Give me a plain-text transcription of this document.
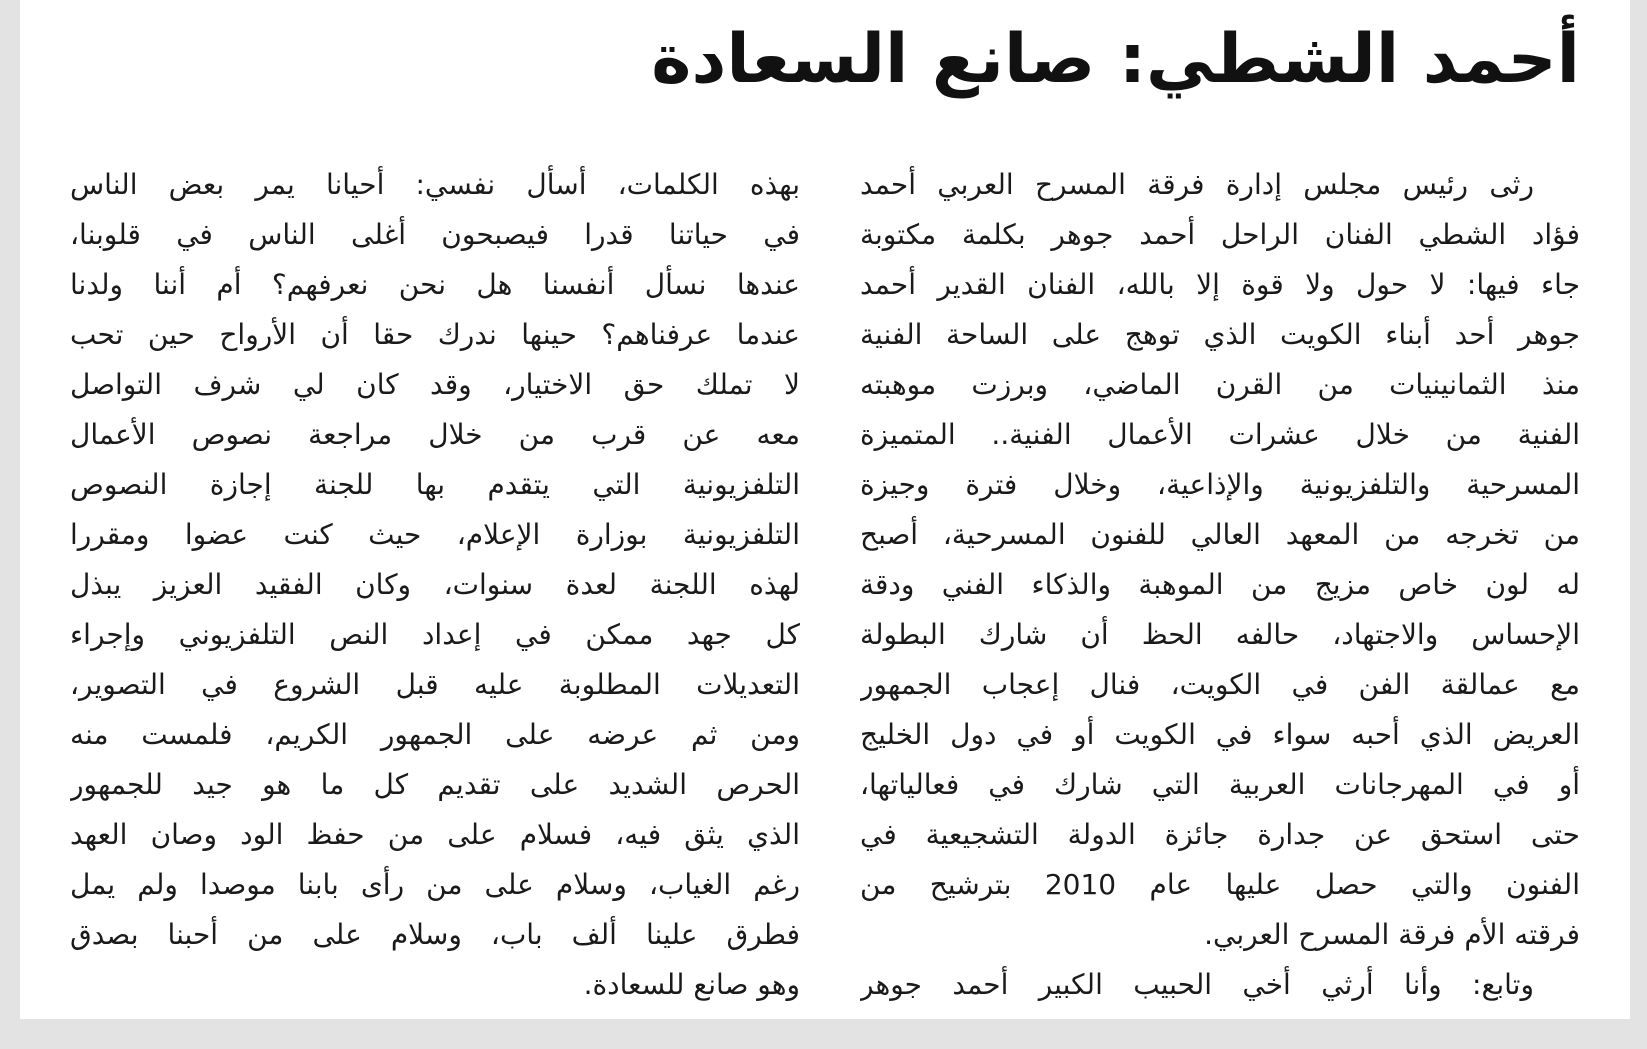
أحمد الشطي: صانع السعادة
رثى رئيس مجلس إدارة فرقة المسرح العربي أحمد
فؤاد الشطي الفنان الراحل أحمد جوهر بكلمة مكتوبة
جاء فيها: لا حول ولا قوة إلا بالله، الفنان القدير أحمد
جوهر أحد أبناء الكويت الذي توهج على الساحة الفنية
منذ الثمانينيات من القرن الماضي، وبرزت موهبته
الفنية من خلال عشرات الأعمال الفنية.. المتميزة
المسرحية والتلفزيونية والإذاعية، وخلال فترة وجيزة
من تخرجه من المعهد العالي للفنون المسرحية، أصبح
له لون خاص مزيج من الموهبة والذكاء الفني ودقة
الإحساس والاجتهاد، حالفه الحظ أن شارك البطولة
مع عمالقة الفن في الكويت، فنال إعجاب الجمهور
العريض الذي أحبه سواء في الكويت أو في دول الخليج
أو في المهرجانات العربية التي شارك في فعالياتها،
حتى استحق عن جدارة جائزة الدولة التشجيعية في
الفنون والتي حصل عليها عام 2010 بترشيح من
فرقته الأم فرقة المسرح العربي.
وتابع: وأنا أرثي أخي الحبيب الكبير أحمد جوهر
بهذه الكلمات، أسأل نفسي: أحيانا يمر بعض الناس
في حياتنا قدرا فيصبحون أغلى الناس في قلوبنا،
عندها نسأل أنفسنا هل نحن نعرفهم؟ أم أننا ولدنا
عندما عرفناهم؟ حينها ندرك حقا أن الأرواح حين تحب
لا تملك حق الاختيار، وقد كان لي شرف التواصل
معه عن قرب من خلال مراجعة نصوص الأعمال
التلفزيونية التي يتقدم بها للجنة إجازة النصوص
التلفزيونية بوزارة الإعلام، حيث كنت عضوا ومقررا
لهذه اللجنة لعدة سنوات، وكان الفقيد العزيز يبذل
كل جهد ممكن في إعداد النص التلفزيوني وإجراء
التعديلات المطلوبة عليه قبل الشروع في التصوير،
ومن ثم عرضه على الجمهور الكريم، فلمست منه
الحرص الشديد على تقديم كل ما هو جيد للجمهور
الذي يثق فيه، فسلام على من حفظ الود وصان العهد
رغم الغياب، وسلام على من رأى بابنا موصدا ولم يمل
فطرق علينا ألف باب، وسلام على من أحبنا بصدق
وهو صانع للسعادة.
